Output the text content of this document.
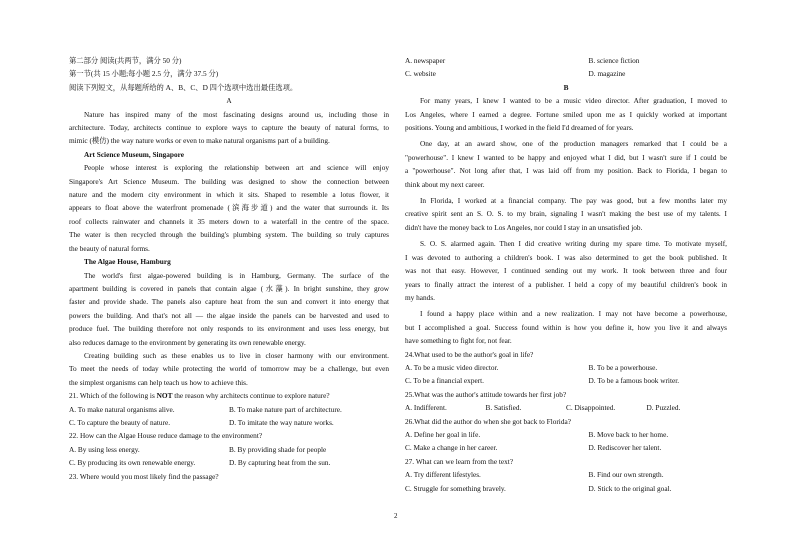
第二部分 阅读(共两节，满分 50 分)
第一节(共 15 小题;每小题 2.5 分，满分 37.5 分)
阅读下列短文，从每题所给的 A、B、C、D 四个选项中选出最佳选项。
A
Nature has inspired many of the most fascinating designs around us, including those in
architecture. Today, architects continue to explore ways to capture the beauty of natural forms, to
mimic (模仿) the way nature works or even to make natural organisms part of a building.
Art Science Museum, Singapore
People whose interest is exploring the relationship between art and science will enjoy
Singapore's Art Science Museum. The building was designed to show the connection between
nature and the modern city environment in which it sits. Shaped to resemble a lotus flower, it
appears to float above the waterfront promenade (滨海步道) and the water that surrounds it. Its
roof collects rainwater and channels it 35 meters down to a waterfall in the centre of the space.
The water is then recycled through the building's plumbing system. The building so truly captures
the beauty of natural forms.
The Algae House, Hamburg
The world's first algae-powered building is in Hamburg, Germany. The surface of the
apartment building is covered in panels that contain algae (水藻). In bright sunshine, they grow
faster and provide shade. The panels also capture heat from the sun and convert it into energy that
powers the building. And that's not all — the algae inside the panels can be harvested and used to
produce fuel. The building therefore not only responds to its environment and uses less energy, but
also reduces damage to the environment by generating its own renewable energy.
Creating building such as these enables us to live in closer harmony with our environment.
To meet the needs of today while protecting the world of tomorrow may be a challenge, but even
the simplest organisms can help teach us how to achieve this.
21. Which of the following is NOT the reason why architects continue to explore nature?
A. To make natural organisms alive.	B. To make nature part of architecture.
C. To capture the beauty of nature.	D. To imitate the way nature works.
22. How can the Algae House reduce damage to the environment?
A. By using less energy.	B. By providing shade for people
C. By producing its own renewable energy.	D. By capturing heat from the sun.
23. Where would you most likely find the passage?
A. newspaper	B. science fiction
C. website	D. magazine
B
For many years, I knew I wanted to be a music video director. After graduation, I moved to
Los Angeles, where I earned a degree. Fortune smiled upon me as I quickly worked at important
positions. Young and ambitious, I worked in the field I'd dreamed of for years.
One day, at an award show, one of the production managers remarked that I could be a
"powerhouse". I knew I wanted to be happy and enjoyed what I did, but I wasn't sure if I could be
a "powerhouse". Not long after that, I was laid off from my position. Back to Florida, I began to
think about my next career.
In Florida, I worked at a financial company. The pay was good, but a few months later my
creative spirit sent an S. O. S. to my brain, signaling I wasn't making the best use of my talents. I
didn't have the money back to Los Angeles, nor could I stay in an unsatisfied job.
S. O. S. alarmed again. Then I did creative writing during my spare time. To motivate myself,
I was devoted to authoring a children's book. I was also determined to get the book published. It
was not that easy. However, I continued sending out my work. It took between three and four
years to finally attract the interest of a publisher. I held a copy of my beautiful children's book in
my hands.
I found a happy place within and a new realization. I may not have become a powerhouse,
but I accomplished a goal. Success found within is how you define it, how you live it and always
have something to fight for, not fear.
24.What used to be the author's goal in life?
A. To be a music video director.	B. To be a powerhouse.
C. To be a financial expert.	D. To be a famous book writer.
25.What was the author's attitude towards her first job?
A. Indifferent.	B. Satisfied.	C. Disappointed.	D. Puzzled.
26.What did the author do when she got back to Florida?
A. Define her goal in life.	B. Move back to her home.
C. Make a change in her career.	D. Rediscover her talent.
27. What can we learn from the text?
A. Try different lifestyles.	B. Find our own strength.
C. Struggle for something bravely.	D. Stick to the original goal.
2
